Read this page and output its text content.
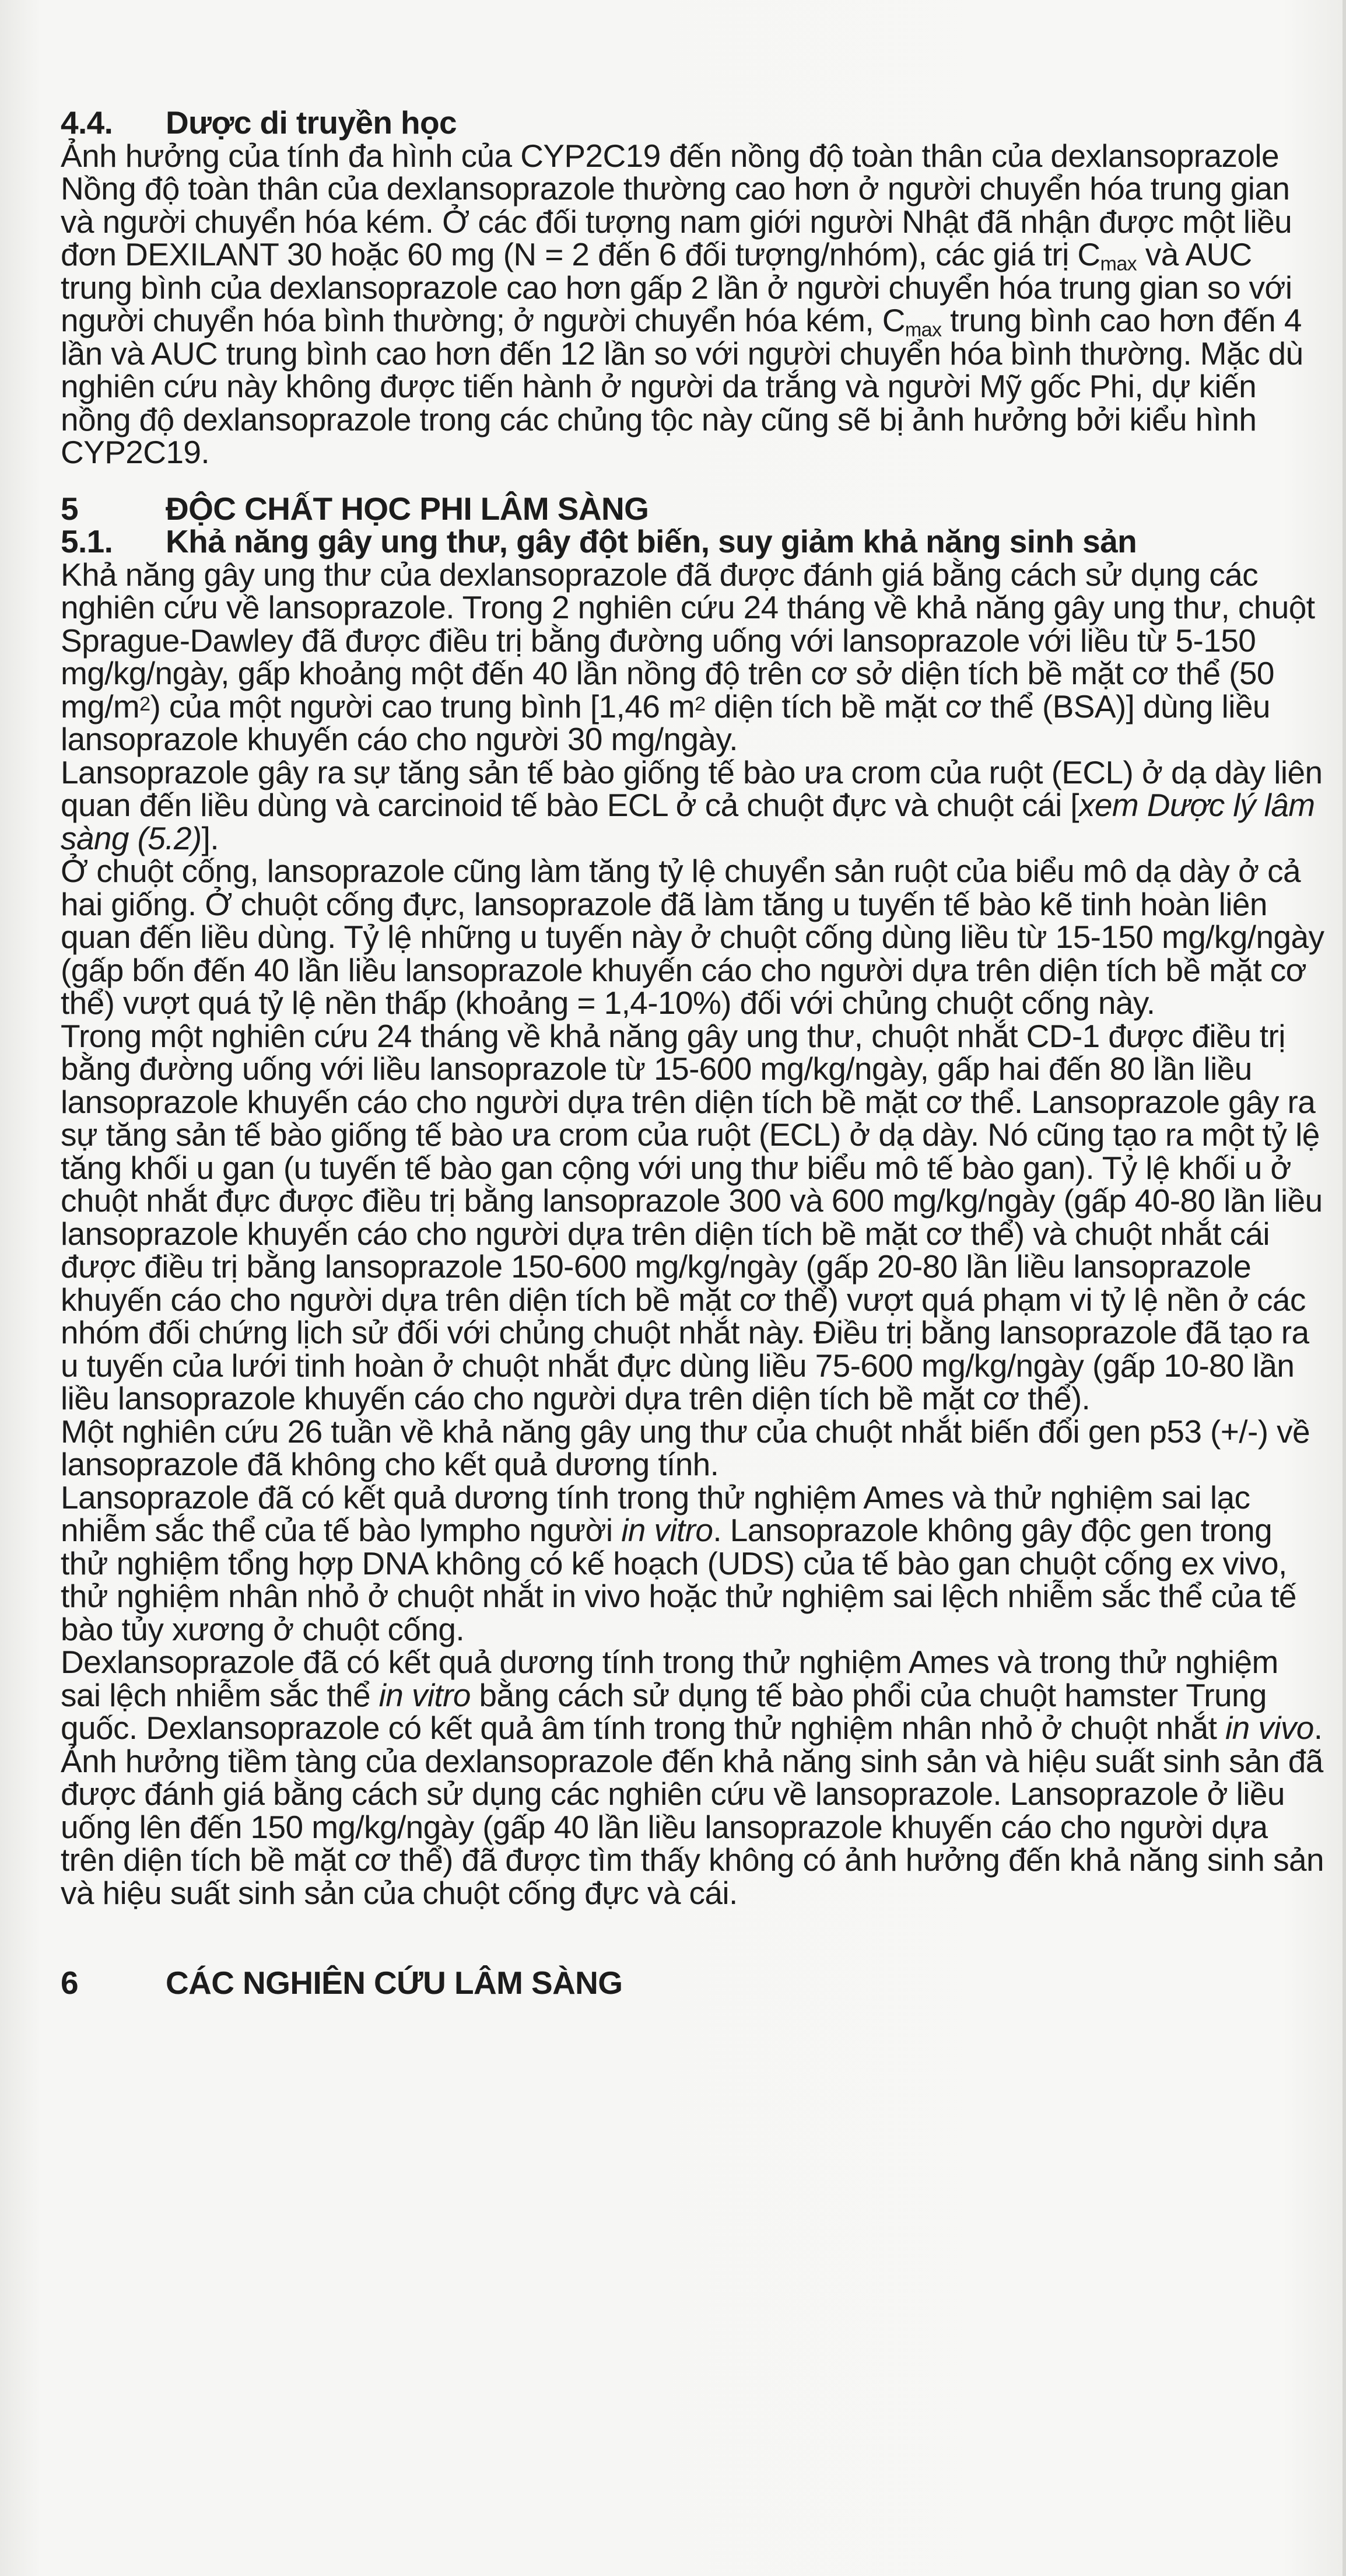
4.4.	Dược di truyền học

Ảnh hưởng của tính đa hình của CYP2C19 đến nồng độ toàn thân của dexlansoprazole

Nồng độ toàn thân của dexlansoprazole thường cao hơn ở người chuyển hóa trung gian và người chuyển hóa kém. Ở các đối tượng nam giới người Nhật đã nhận được một liều đơn DEXILANT 30 hoặc 60 mg (N = 2 đến 6 đối tượng/nhóm), các giá trị $C_{max}$ và AUC trung bình của dexlansoprazole cao hơn gấp 2 lần ở người chuyển hóa trung gian so với người chuyển hóa bình thường; ở người chuyển hóa kém, $C_{max}$ trung bình cao hơn đến 4 lần và AUC trung bình cao hơn đến 12 lần so với người chuyển hóa bình thường. Mặc dù nghiên cứu này không được tiến hành ở người da trắng và người Mỹ gốc Phi, dự kiến nồng độ dexlansoprazole trong các chủng tộc này cũng sẽ bị ảnh hưởng bởi kiểu hình CYP2C19.

5	ĐỘC CHẤT HỌC PHI LÂM SÀNG
5.1.	Khả năng gây ung thư, gây đột biến, suy giảm khả năng sinh sản

Khả năng gây ung thư của dexlansoprazole đã được đánh giá bằng cách sử dụng các nghiên cứu về lansoprazole. Trong 2 nghiên cứu 24 tháng về khả năng gây ung thư, chuột Sprague-Dawley đã được điều trị bằng đường uống với lansoprazole với liều từ 5-150 mg/kg/ngày, gấp khoảng một đến 40 lần nồng độ trên cơ sở diện tích bề mặt cơ thể (50 $mg/m^2$) của một người cao trung bình [1,46 $m^2$ diện tích bề mặt cơ thể (BSA)] dùng liều lansoprazole khuyến cáo cho người 30 mg/ngày.

Lansoprazole gây ra sự tăng sản tế bào giống tế bào ưa crom của ruột (ECL) ở dạ dày liên quan đến liều dùng và carcinoid tế bào ECL ở cả chuột đực và chuột cái [xem Dược lý lâm sàng (5.2)].

Ở chuột cống, lansoprazole cũng làm tăng tỷ lệ chuyển sản ruột của biểu mô dạ dày ở cả hai giống. Ở chuột cống đực, lansoprazole đã làm tăng u tuyến tế bào kẽ tinh hoàn liên quan đến liều dùng. Tỷ lệ những u tuyến này ở chuột cống dùng liều từ 15-150 mg/kg/ngày (gấp bốn đến 40 lần liều lansoprazole khuyến cáo cho người dựa trên diện tích bề mặt cơ thể) vượt quá tỷ lệ nền thấp (khoảng = 1,4-10%) đối với chủng chuột cống này.

Trong một nghiên cứu 24 tháng về khả năng gây ung thư, chuột nhắt CD-1 được điều trị bằng đường uống với liều lansoprazole từ 15-600 mg/kg/ngày, gấp hai đến 80 lần liều lansoprazole khuyến cáo cho người dựa trên diện tích bề mặt cơ thể. Lansoprazole gây ra sự tăng sản tế bào giống tế bào ưa crom của ruột (ECL) ở dạ dày. Nó cũng tạo ra một tỷ lệ tăng khối u gan (u tuyến tế bào gan cộng với ung thư biểu mô tế bào gan). Tỷ lệ khối u ở chuột nhắt đực được điều trị bằng lansoprazole 300 và 600 mg/kg/ngày (gấp 40-80 lần liều lansoprazole khuyến cáo cho người dựa trên diện tích bề mặt cơ thể) và chuột nhắt cái được điều trị bằng lansoprazole 150-600 mg/kg/ngày (gấp 20-80 lần liều lansoprazole khuyến cáo cho người dựa trên diện tích bề mặt cơ thể) vượt quá phạm vi tỷ lệ nền ở các nhóm đối chứng lịch sử đối với chủng chuột nhắt này. Điều trị bằng lansoprazole đã tạo ra u tuyến của lưới tinh hoàn ở chuột nhắt đực dùng liều 75-600 mg/kg/ngày (gấp 10-80 lần liều lansoprazole khuyến cáo cho người dựa trên diện tích bề mặt cơ thể).

Một nghiên cứu 26 tuần về khả năng gây ung thư của chuột nhắt biến đổi gen p53 (+/-) về lansoprazole đã không cho kết quả dương tính.

Lansoprazole đã có kết quả dương tính trong thử nghiệm Ames và thử nghiệm sai lạc nhiễm sắc thể của tế bào lympho người in vitro. Lansoprazole không gây độc gen trong thử nghiệm tổng hợp DNA không có kế hoạch (UDS) của tế bào gan chuột cống ex vivo, thử nghiệm nhân nhỏ ở chuột nhắt in vivo hoặc thử nghiệm sai lệch nhiễm sắc thể của tế bào tủy xương ở chuột cống.

Dexlansoprazole đã có kết quả dương tính trong thử nghiệm Ames và trong thử nghiệm sai lệch nhiễm sắc thể in vitro bằng cách sử dụng tế bào phổi của chuột hamster Trung quốc. Dexlansoprazole có kết quả âm tính trong thử nghiệm nhân nhỏ ở chuột nhắt in vivo.

Ảnh hưởng tiềm tàng của dexlansoprazole đến khả năng sinh sản và hiệu suất sinh sản đã được đánh giá bằng cách sử dụng các nghiên cứu về lansoprazole. Lansoprazole ở liều uống lên đến 150 mg/kg/ngày (gấp 40 lần liều lansoprazole khuyến cáo cho người dựa trên diện tích bề mặt cơ thể) đã được tìm thấy không có ảnh hưởng đến khả năng sinh sản và hiệu suất sinh sản của chuột cống đực và cái.

6	CÁC NGHIÊN CỨU LÂM SÀNG
